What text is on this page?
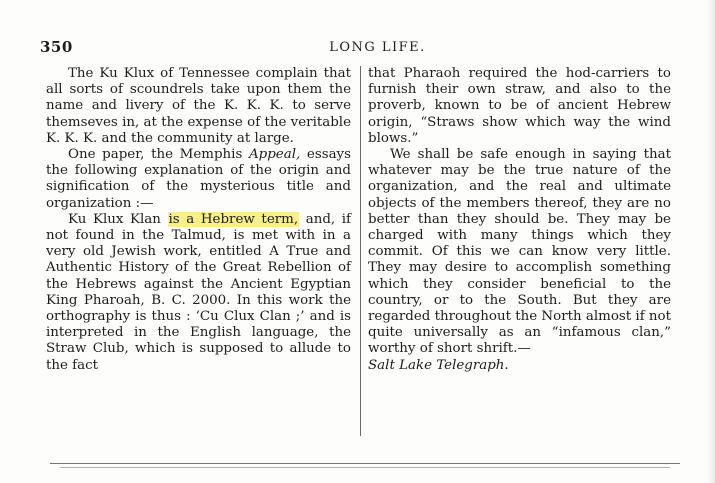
350	LONG LIFE.

The Ku Klux of Tennessee complain that all sorts of scoundrels take upon them the name and livery of the K. K. K. to serve themseves in, at the expense of the veritable K. K. K. and the community at large.

One paper, the Memphis Appeal, essays the following explanation of the origin and signification of the mysterious title and organization :—

Ku Klux Klan is a Hebrew term, and, if not found in the Talmud, is met with in a very old Jewish work, entitled A True and Authentic History of the Great Rebellion of the Hebrews against the Ancient Egyptian King Pharoah, B. C. 2000. In this work the orthography is thus : ‘Cu Clux Clan ;’ and is interpreted in the English language, the Straw Club, which is supposed to allude to the fact

that Pharaoh required the hod-carriers to furnish their own straw, and also to the proverb, known to be of ancient Hebrew origin, “Straws show which way the wind blows.”

We shall be safe enough in saying that whatever may be the true nature of the organization, and the real and ultimate objects of the members thereof, they are no better than they should be. They may be charged with many things which they commit. Of this we can know very little. They may desire to accomplish something which they consider beneficial to the country, or to the South. But they are regarded throughout the North almost if not quite universally as an “infamous clan,” worthy of short shrift.—

Salt Lake Telegraph.
